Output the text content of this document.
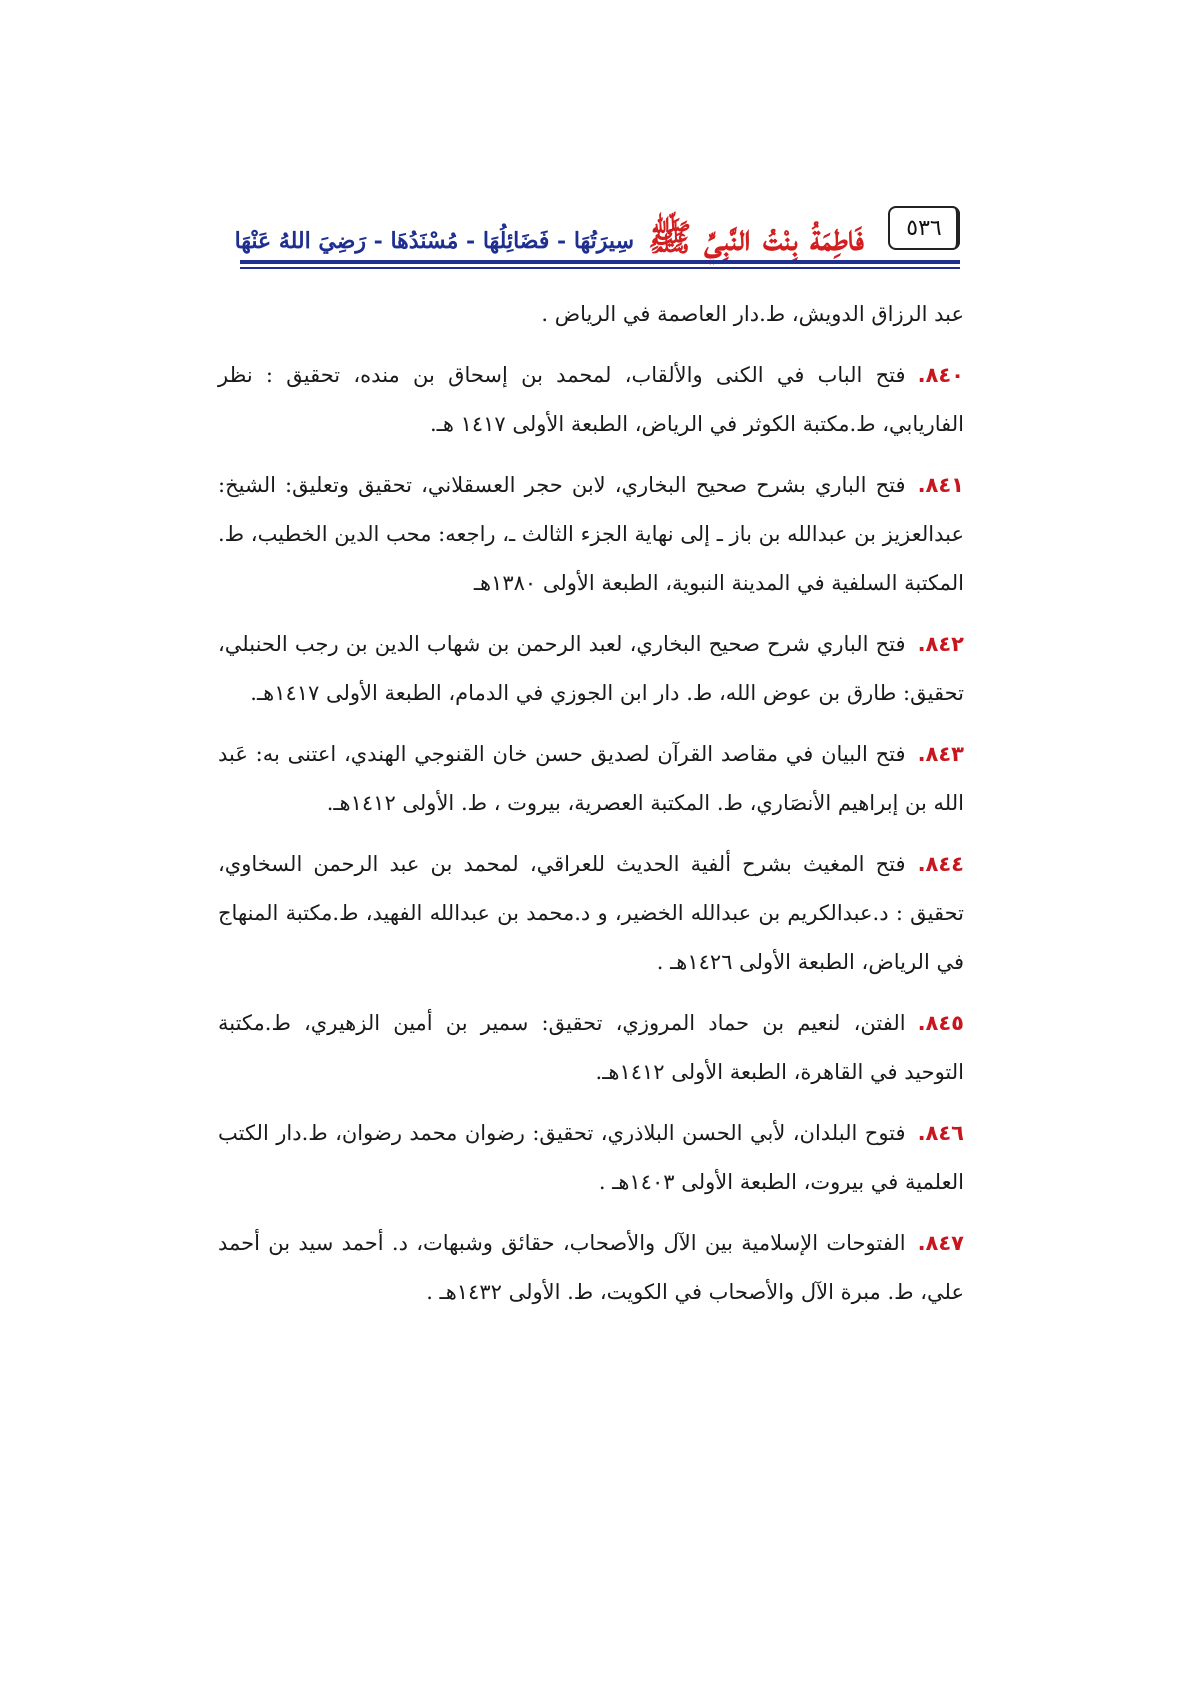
٥٣٦
فَاطِمَةُ بِنْتُ النَّبِيِّ ﷺ
سِيرَتُهَا - فَضَائِلُهَا - مُسْنَدُهَا - رَضِيَ اللهُ عَنْهَا

عبد الرزاق الدويش، ط.دار العاصمة في الرياض .

٨٤٠.فتح الباب في الكنى والألقاب، لمحمد بن إسحاق بن منده، تحقيق : نظر الفاريابي، ط.مكتبة الكوثر في الرياض، الطبعة الأولى ١٤١٧ هـ.

٨٤١.فتح الباري بشرح صحيح البخاري، لابن حجر العسقلاني، تحقيق وتعليق: الشيخ: عبدالعزيز بن عبدالله بن باز ـ إلى نهاية الجزء الثالث ـ، راجعه: محب الدين الخطيب، ط. المكتبة السلفية في المدينة النبوية، الطبعة الأولى ١٣٨٠هـ

٨٤٢.فتح الباري شرح صحيح البخاري، لعبد الرحمن بن شهاب الدين بن رجب الحنبلي، تحقيق: طارق بن عوض الله، ط. دار ابن الجوزي في الدمام، الطبعة الأولى ١٤١٧هـ.

٨٤٣.فتح البيان في مقاصد القرآن لصديق حسن خان القنوجي الهندي، اعتنى به: عَبد الله بن إبراهيم الأنصَاري، ط. المكتبة العصرية، بيروت ، ط. الأولى ١٤١٢هـ.

٨٤٤.فتح المغيث بشرح ألفية الحديث للعراقي، لمحمد بن عبد الرحمن السخاوي، تحقيق : د.عبدالكريم بن عبدالله الخضير، و د.محمد بن عبدالله الفهيد، ط.مكتبة المنهاج في الرياض، الطبعة الأولى ١٤٢٦هـ .

٨٤٥.الفتن، لنعيم بن حماد المروزي، تحقيق: سمير بن أمين الزهيري، ط.مكتبة التوحيد في القاهرة، الطبعة الأولى ١٤١٢هـ.

٨٤٦.فتوح البلدان، لأبي الحسن البلاذري، تحقيق: رضوان محمد رضوان، ط.دار الكتب العلمية في بيروت، الطبعة الأولى ١٤٠٣هـ .

٨٤٧.الفتوحات الإسلامية بين الآل والأصحاب، حقائق وشبهات، د. أحمد سيد بن أحمد علي، ط. مبرة الآل والأصحاب في الكويت، ط. الأولى ١٤٣٢هـ .
